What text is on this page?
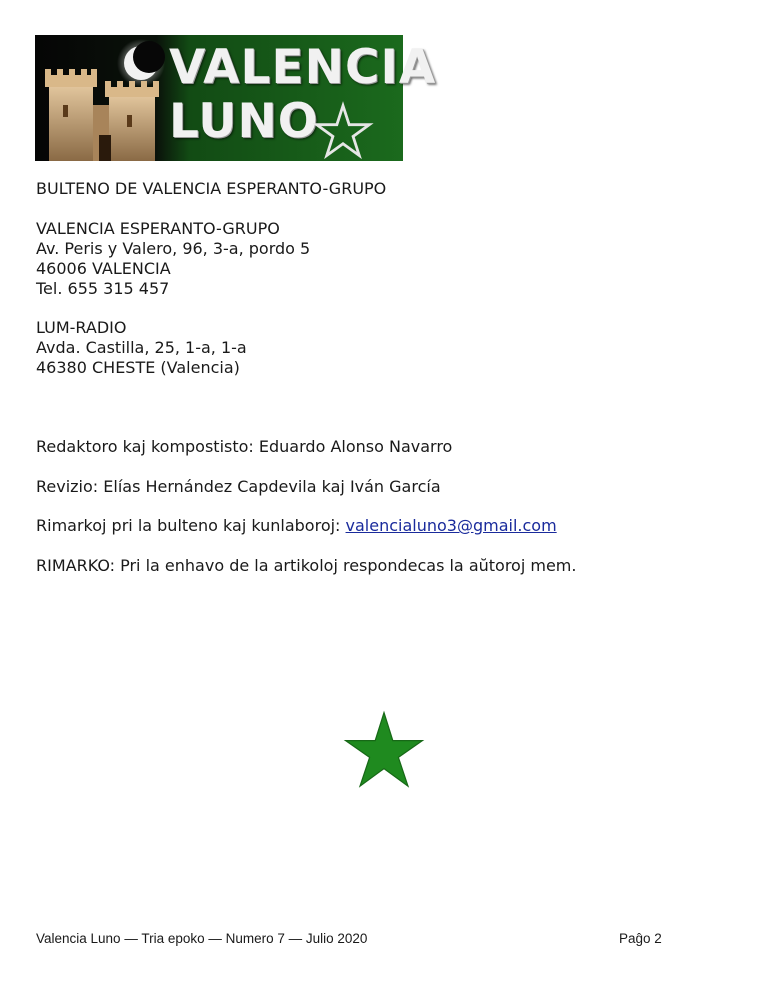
VALENCIA
LUNO
BULTENO DE VALENCIA ESPERANTO-GRUPO
VALENCIA ESPERANTO-GRUPO
Av. Peris y Valero, 96, 3-a, pordo 5
46006 VALENCIA
Tel. 655 315 457
LUM-RADIO
Avda. Castilla, 25, 1-a, 1-a
46380 CHESTE (Valencia)
Redaktoro kaj kompostisto: Eduardo Alonso Navarro
Revizio: Elías Hernández Capdevila kaj Iván García
Rimarkoj pri la bulteno kaj kunlaboroj: valencialuno3@gmail.com
RIMARKO: Pri la enhavo de la artikoloj respondecas la aŭtoroj mem.
Valencia Luno — Tria epoko — Numero 7 — Julio 2020	Paĝo 2
